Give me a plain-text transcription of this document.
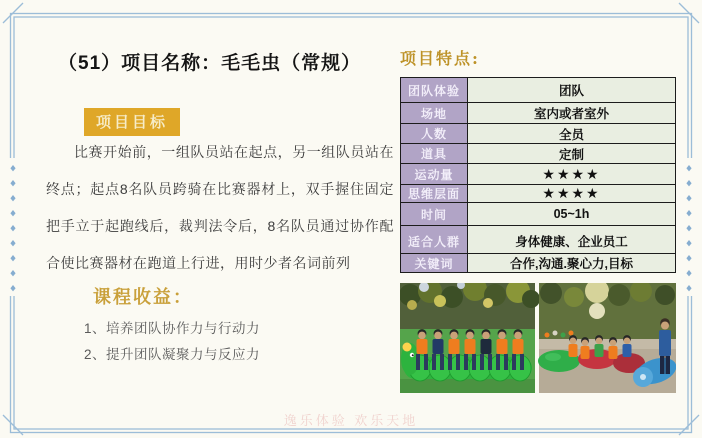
（51）项目名称：毛毛虫（常规）
项目目标
比赛开始前，一组队员站在起点，另一组队员站在终点；起点8名队员跨骑在比赛器材上，双手握住固定把手立于起跑线后，裁判法令后，8名队员通过协作配合使比赛器材在跑道上行进，用时少者名词前列
课程收益：
1、培养团队协作力与行动力
2、提升团队凝聚力与反应力
项目特点:
团队体验	团队
场地	室内或者室外
人数	全员
道具	定制
运动量	★★★★
思维层面	★★★★
时间	05~1h
适合人群	身体健康、企业员工
关键词	合作,沟通.聚心力,目标
逸乐体验 欢乐天地
